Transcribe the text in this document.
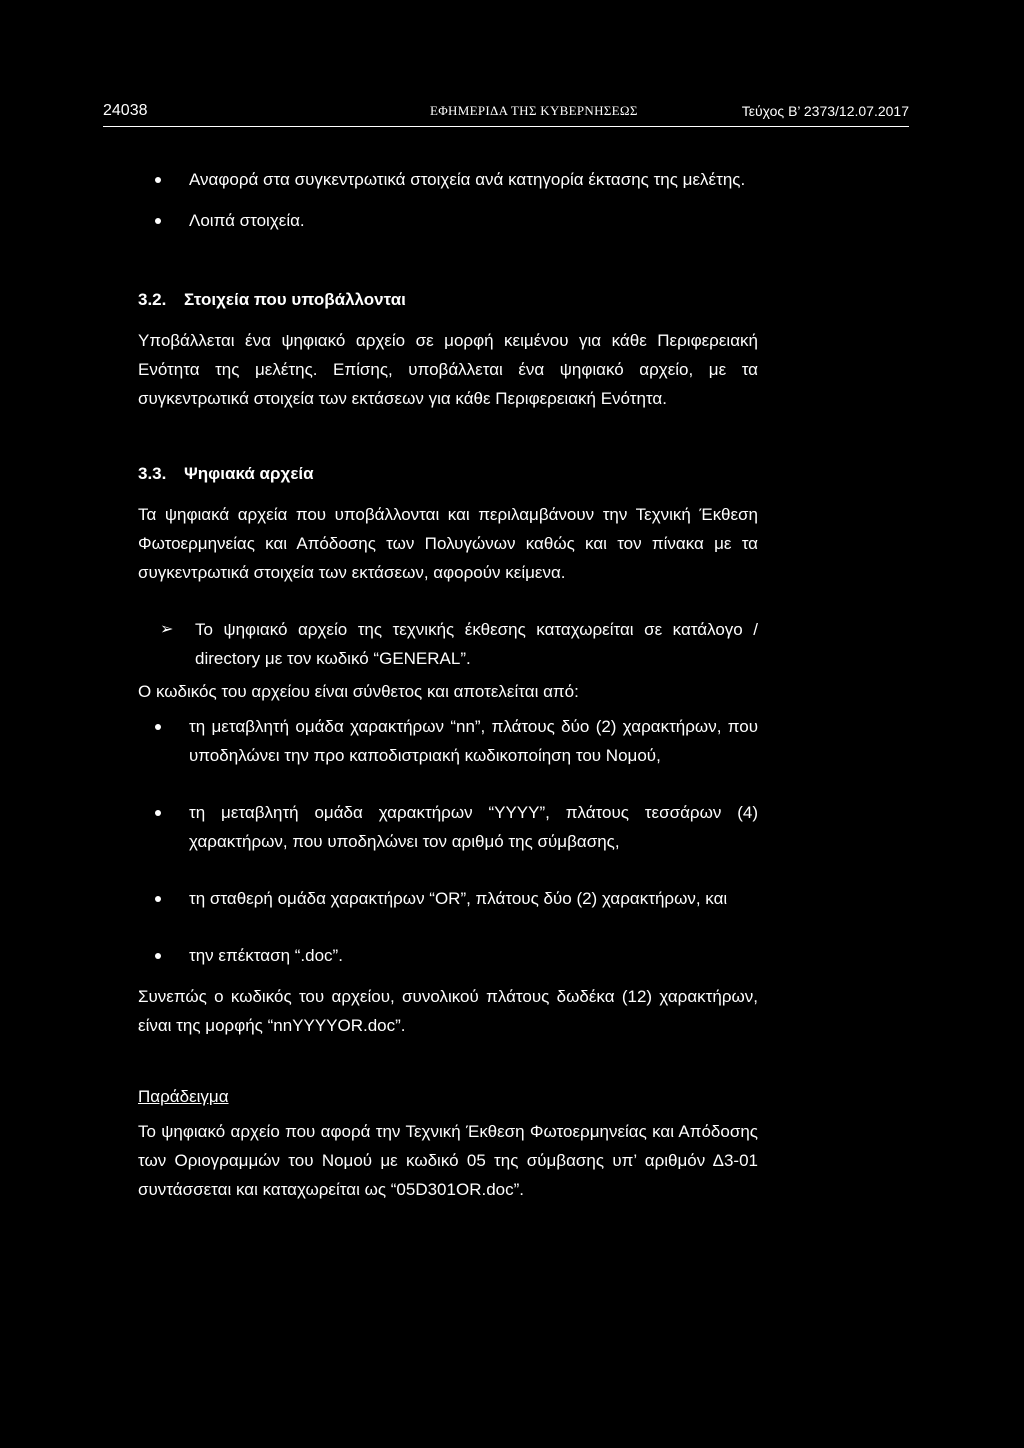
24038	ΕΦΗΜΕΡΙΔΑ ΤΗΣ ΚΥΒΕΡΝΗΣΕΩΣ	Τεύχος Β’ 2373/12.07.2017
Αναφορά στα συγκεντρωτικά στοιχεία ανά κατηγορία έκτασης της μελέτης.
Λοιπά στοιχεία.
3.2. Στοιχεία που υποβάλλονται
Υποβάλλεται ένα ψηφιακό αρχείο σε μορφή κειμένου για κάθε Περιφερειακή Ενότητα της μελέτης. Επίσης, υποβάλλεται ένα ψηφιακό αρχείο, με τα συγκεντρωτικά στοιχεία των εκτάσεων για κάθε Περιφερειακή Ενότητα.
3.3. Ψηφιακά αρχεία
Τα ψηφιακά αρχεία που υποβάλλονται και περιλαμβάνουν την Τεχνική Έκθεση Φωτοερμηνείας και Απόδοσης των Πολυγώνων καθώς και τον πίνακα με τα συγκεντρωτικά στοιχεία των εκτάσεων, αφορούν κείμενα.
➢ Το ψηφιακό αρχείο της τεχνικής έκθεσης καταχωρείται σε κατάλογο / directory με τον κωδικό “GENERAL”.
Ο κωδικός του αρχείου είναι σύνθετος και αποτελείται από:
τη μεταβλητή ομάδα χαρακτήρων “nn”, πλάτους δύο (2) χαρακτήρων, που υποδηλώνει την προ καποδιστριακή κωδικοποίηση του Νομού,
τη μεταβλητή ομάδα χαρακτήρων “YYYY”, πλάτους τεσσάρων (4) χαρακτήρων, που υποδηλώνει τον αριθμό της σύμβασης,
τη σταθερή ομάδα χαρακτήρων “OR”, πλάτους δύο (2) χαρακτήρων, και
την επέκταση “.doc”.
Συνεπώς ο κωδικός του αρχείου, συνολικού πλάτους δωδέκα (12) χαρακτήρων, είναι της μορφής “nnYYYYOR.doc”.
Παράδειγμα
Το ψηφιακό αρχείο που αφορά την Τεχνική Έκθεση Φωτοερμηνείας και Απόδοσης των Οριογραμμών του Νομού με κωδικό 05 της σύμβασης υπ’ αριθμόν Δ3-01 συντάσσεται και καταχωρείται ως “05D301OR.doc”.
